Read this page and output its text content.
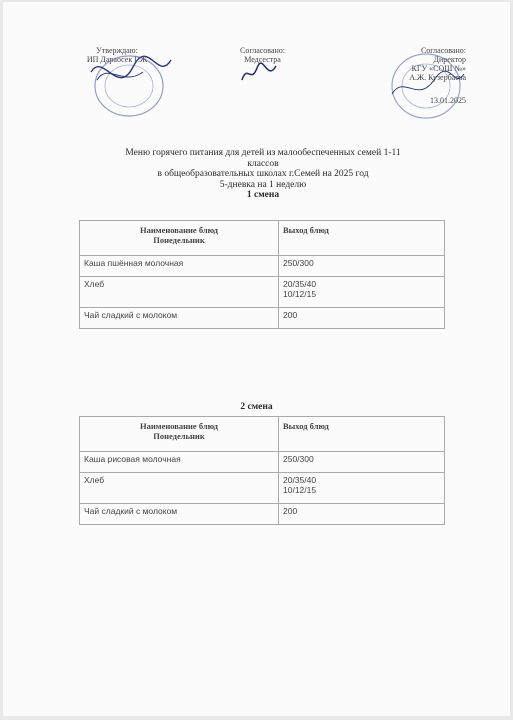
Утверждаю:
ИП Дараосек Г.Ж
Согласовано:
Медсестра
Согласовано:
Директор
КГУ «СОШ №»
А.Ж. Кузербаева
13.01.2025
Меню горячего питания для детей из малообеспеченных семей 1-11
классов
в общеобразовательных школах г.Семей на 2025 год
5-дневка на 1 неделю
1 смена
Наименование блюд
Понедельник	Выход блюд
Каша пшённая молочная	250/300
Хлеб	20/35/40
10/12/15

Чай сладкий с молоком	200
2 смена
Наименование блюд
Понедельник	Выход блюд
Каша рисовая молочная	250/300
Хлеб	20/35/40
10/12/15

Чай сладкий с молоком	200
